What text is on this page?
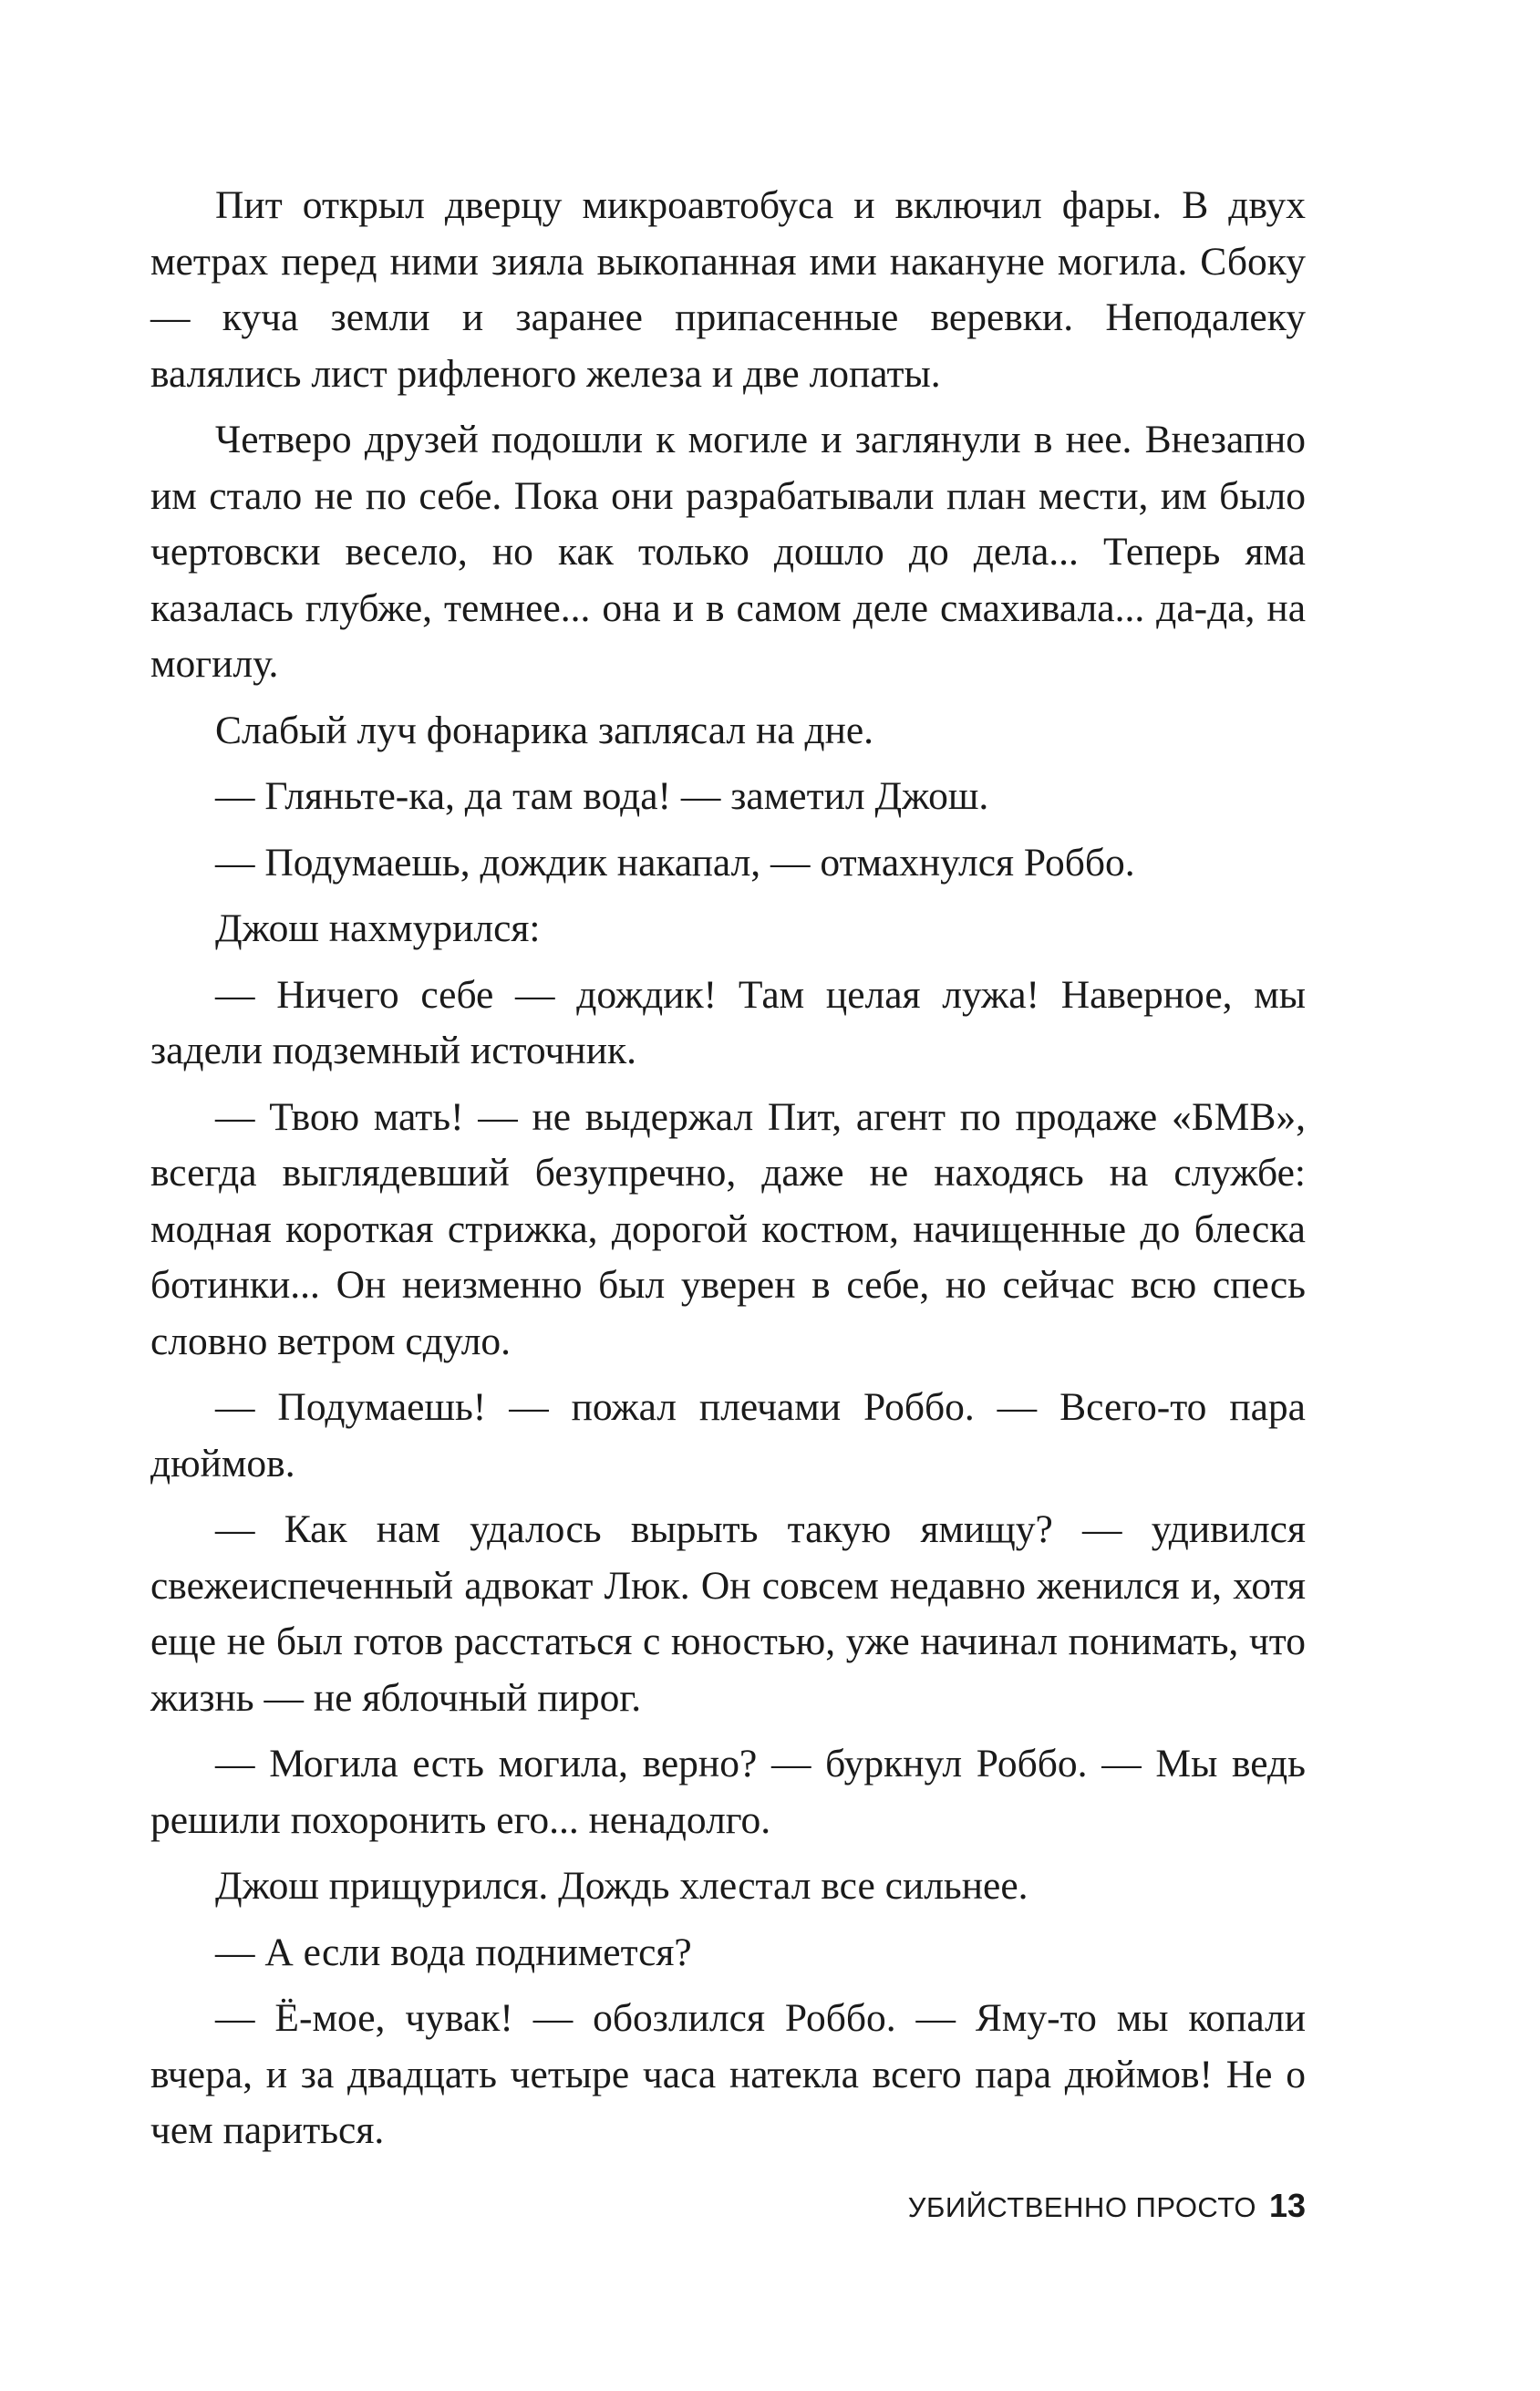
Пит открыл дверцу микроавтобуса и включил фары. В двух метрах перед ними зияла выкопанная ими накануне могила. Сбоку — куча земли и заранее припасенные веревки. Неподалеку валялись лист рифленого железа и две лопаты.

Четверо друзей подошли к могиле и заглянули в нее. Внезапно им стало не по себе. Пока они разрабатывали план мести, им было чертовски весело, но как только дошло до дела... Теперь яма казалась глубже, темнее... она и в самом деле смахивала... да-да, на могилу.

Слабый луч фонарика заплясал на дне.

— Гляньте-ка, да там вода! — заметил Джош.

— Подумаешь, дождик накапал, — отмахнулся Роббо.

Джош нахмурился:

— Ничего себе — дождик! Там целая лужа! Наверное, мы задели подземный источник.

— Твою мать! — не выдержал Пит, агент по продаже «БМВ», всегда выглядевший безупречно, даже не находясь на службе: модная короткая стрижка, дорогой костюм, начищенные до блеска ботинки... Он неизменно был уверен в себе, но сейчас всю спесь словно ветром сдуло.

— Подумаешь! — пожал плечами Роббо. — Всего-то пара дюймов.

— Как нам удалось вырыть такую ямищу? — удивился свежеиспеченный адвокат Люк. Он совсем недавно женился и, хотя еще не был готов расстаться с юностью, уже начинал понимать, что жизнь — не яблочный пирог.

— Могила есть могила, верно? — буркнул Роббо. — Мы ведь решили похоронить его... ненадолго.

Джош прищурился. Дождь хлестал все сильнее.

— А если вода поднимется?

— Ё-мое, чувак! — обозлился Роббо. — Яму-то мы копали вчера, и за двадцать четыре часа натекла всего пара дюймов! Не о чем париться.

УБИЙСТВЕННО ПРОСТО 13
